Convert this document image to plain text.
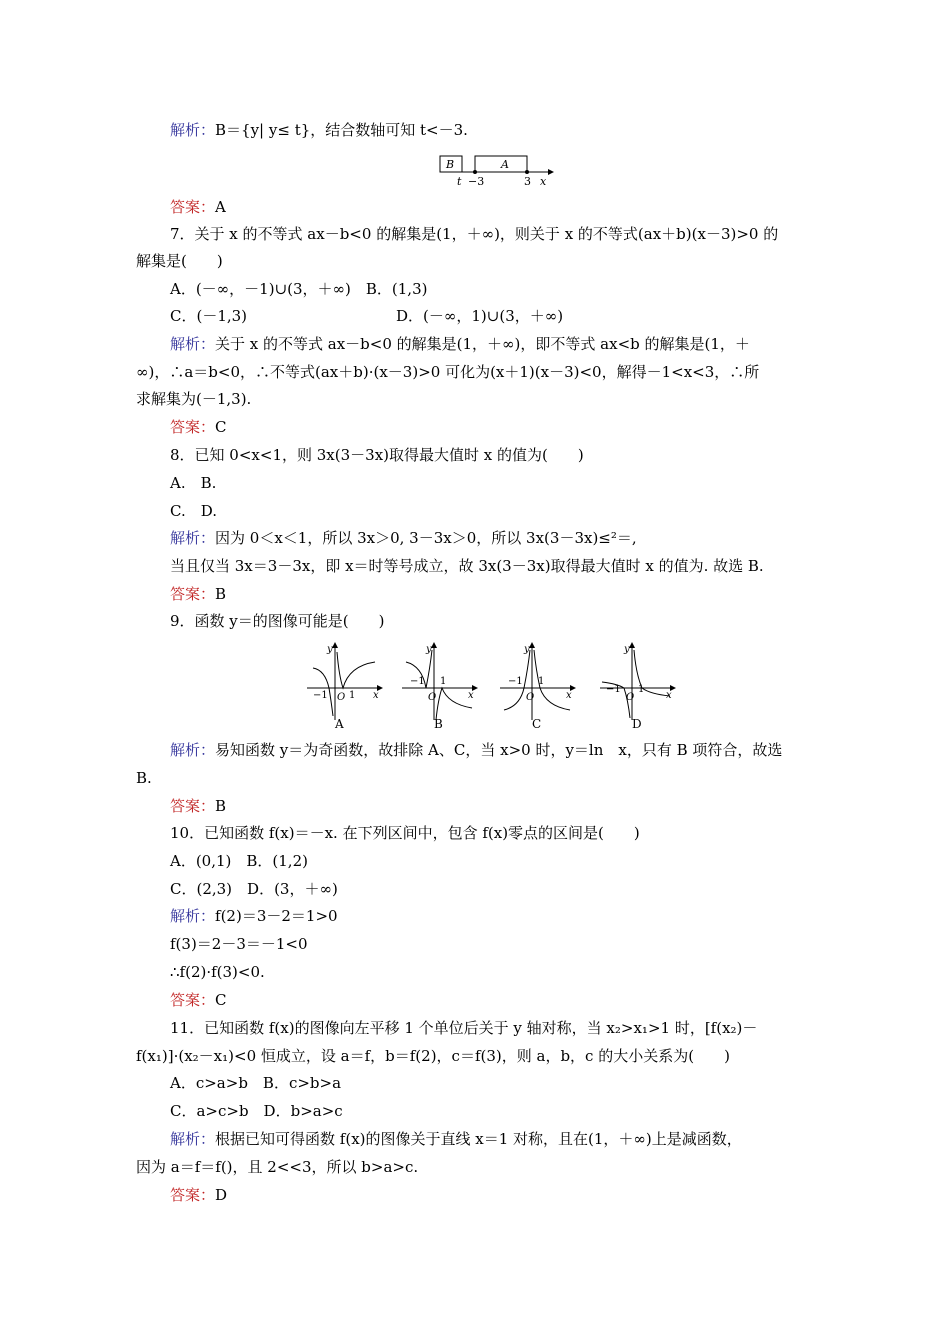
解析：B＝{y| y≤ t}，结合数轴可知 t<－3.
B	A
t −3	3 x
答案：A
7．关于 x 的不等式 ax－b<0 的解集是(1，＋∞)，则关于 x 的不等式(ax＋b)(x－3)>0 的
解集是(　　)
A．(－∞，－1)∪(3，＋∞)　B．(1,3)
C．(－1,3)	D．(－∞，1)∪(3，＋∞)
解析：关于 x 的不等式 ax－b<0 的解集是(1，＋∞)，即不等式 ax<b 的解集是(1，＋
∞)，∴a＝b<0，∴不等式(ax＋b)·(x－3)>0 可化为(x＋1)(x－3)<0，解得－1<x<3，∴所
求解集为(－1,3).
答案：C
8．已知 0<x<1，则 3x(3－3x)取得最大值时 x 的值为(　　)
A.　B.
C.　D.
解析：因为 0＜x＜1，所以 3x＞0, 3－3x＞0，所以 3x(3－3x)≤²＝,
当且仅当 3x＝3－3x，即 x＝时等号成立，故 3x(3－3x)取得最大值时 x 的值为. 故选 B.
答案：B
9．函数 y＝的图像可能是(　　)
y
O
−1 1 x
A
y
O
−1 1
x
B
y
O
−1 1
x
C
y
O
−1 1
x
D
解析：易知函数 y＝为奇函数，故排除 A、C，当 x>0 时，y＝ln　x，只有 B 项符合，故选
B.
答案：B
10．已知函数 f(x)＝－x. 在下列区间中，包含 f(x)零点的区间是(　　)
A．(0,1)　B．(1,2)
C．(2,3)　D．(3，＋∞)
解析：f(2)＝3－2＝1>0
f(3)＝2－3＝－1<0
∴f(2)·f(3)<0.
答案：C
11．已知函数 f(x)的图像向左平移 1 个单位后关于 y 轴对称，当 x₂>x₁>1 时，[f(x₂)－
f(x₁)]·(x₂－x₁)<0 恒成立，设 a＝f，b＝f(2)，c＝f(3)，则 a，b，c 的大小关系为(　　)
A．c>a>b　B．c>b>a
C．a>c>b　D．b>a>c
解析：根据已知可得函数 f(x)的图像关于直线 x＝1 对称，且在(1，＋∞)上是减函数，
因为 a＝f＝f()，且 2<<3，所以 b>a>c.
答案：D
